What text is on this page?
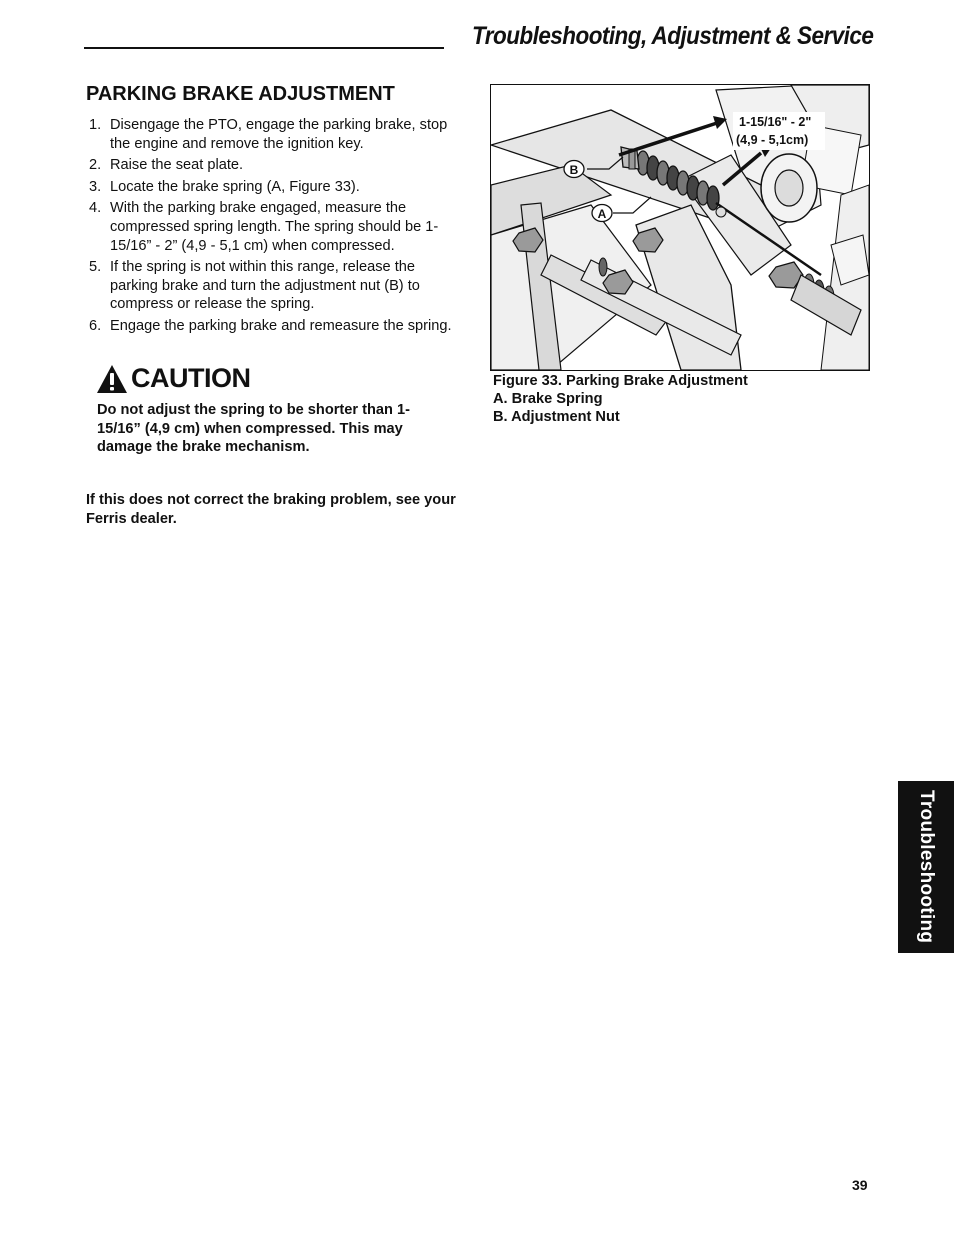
Troubleshooting, Adjustment & Service
PARKING BRAKE ADJUSTMENT
1. Disengage the PTO, engage the parking brake, stop the engine and remove the ignition key.
2. Raise the seat plate.
3. Locate the brake spring (A, Figure 33).
4. With the parking brake engaged, measure the compressed spring length. The spring should be 1-15/16” - 2” (4,9 - 5,1 cm) when compressed.
5. If the spring is not within this range, release the parking brake and turn the adjustment nut (B) to compress or release the spring.
6. Engage the parking brake and remeasure the spring.
CAUTION
Do not adjust the spring to be shorter than 1-15/16” (4,9 cm) when compressed. This may damage the brake mechanism.
If this does not correct the braking problem, see your Ferris dealer.
B
A
1-15/16" - 2"
(4,9 - 5,1cm)
Figure 33. Parking Brake Adjustment
A. Brake Spring
B. Adjustment Nut
Troubleshooting
39
